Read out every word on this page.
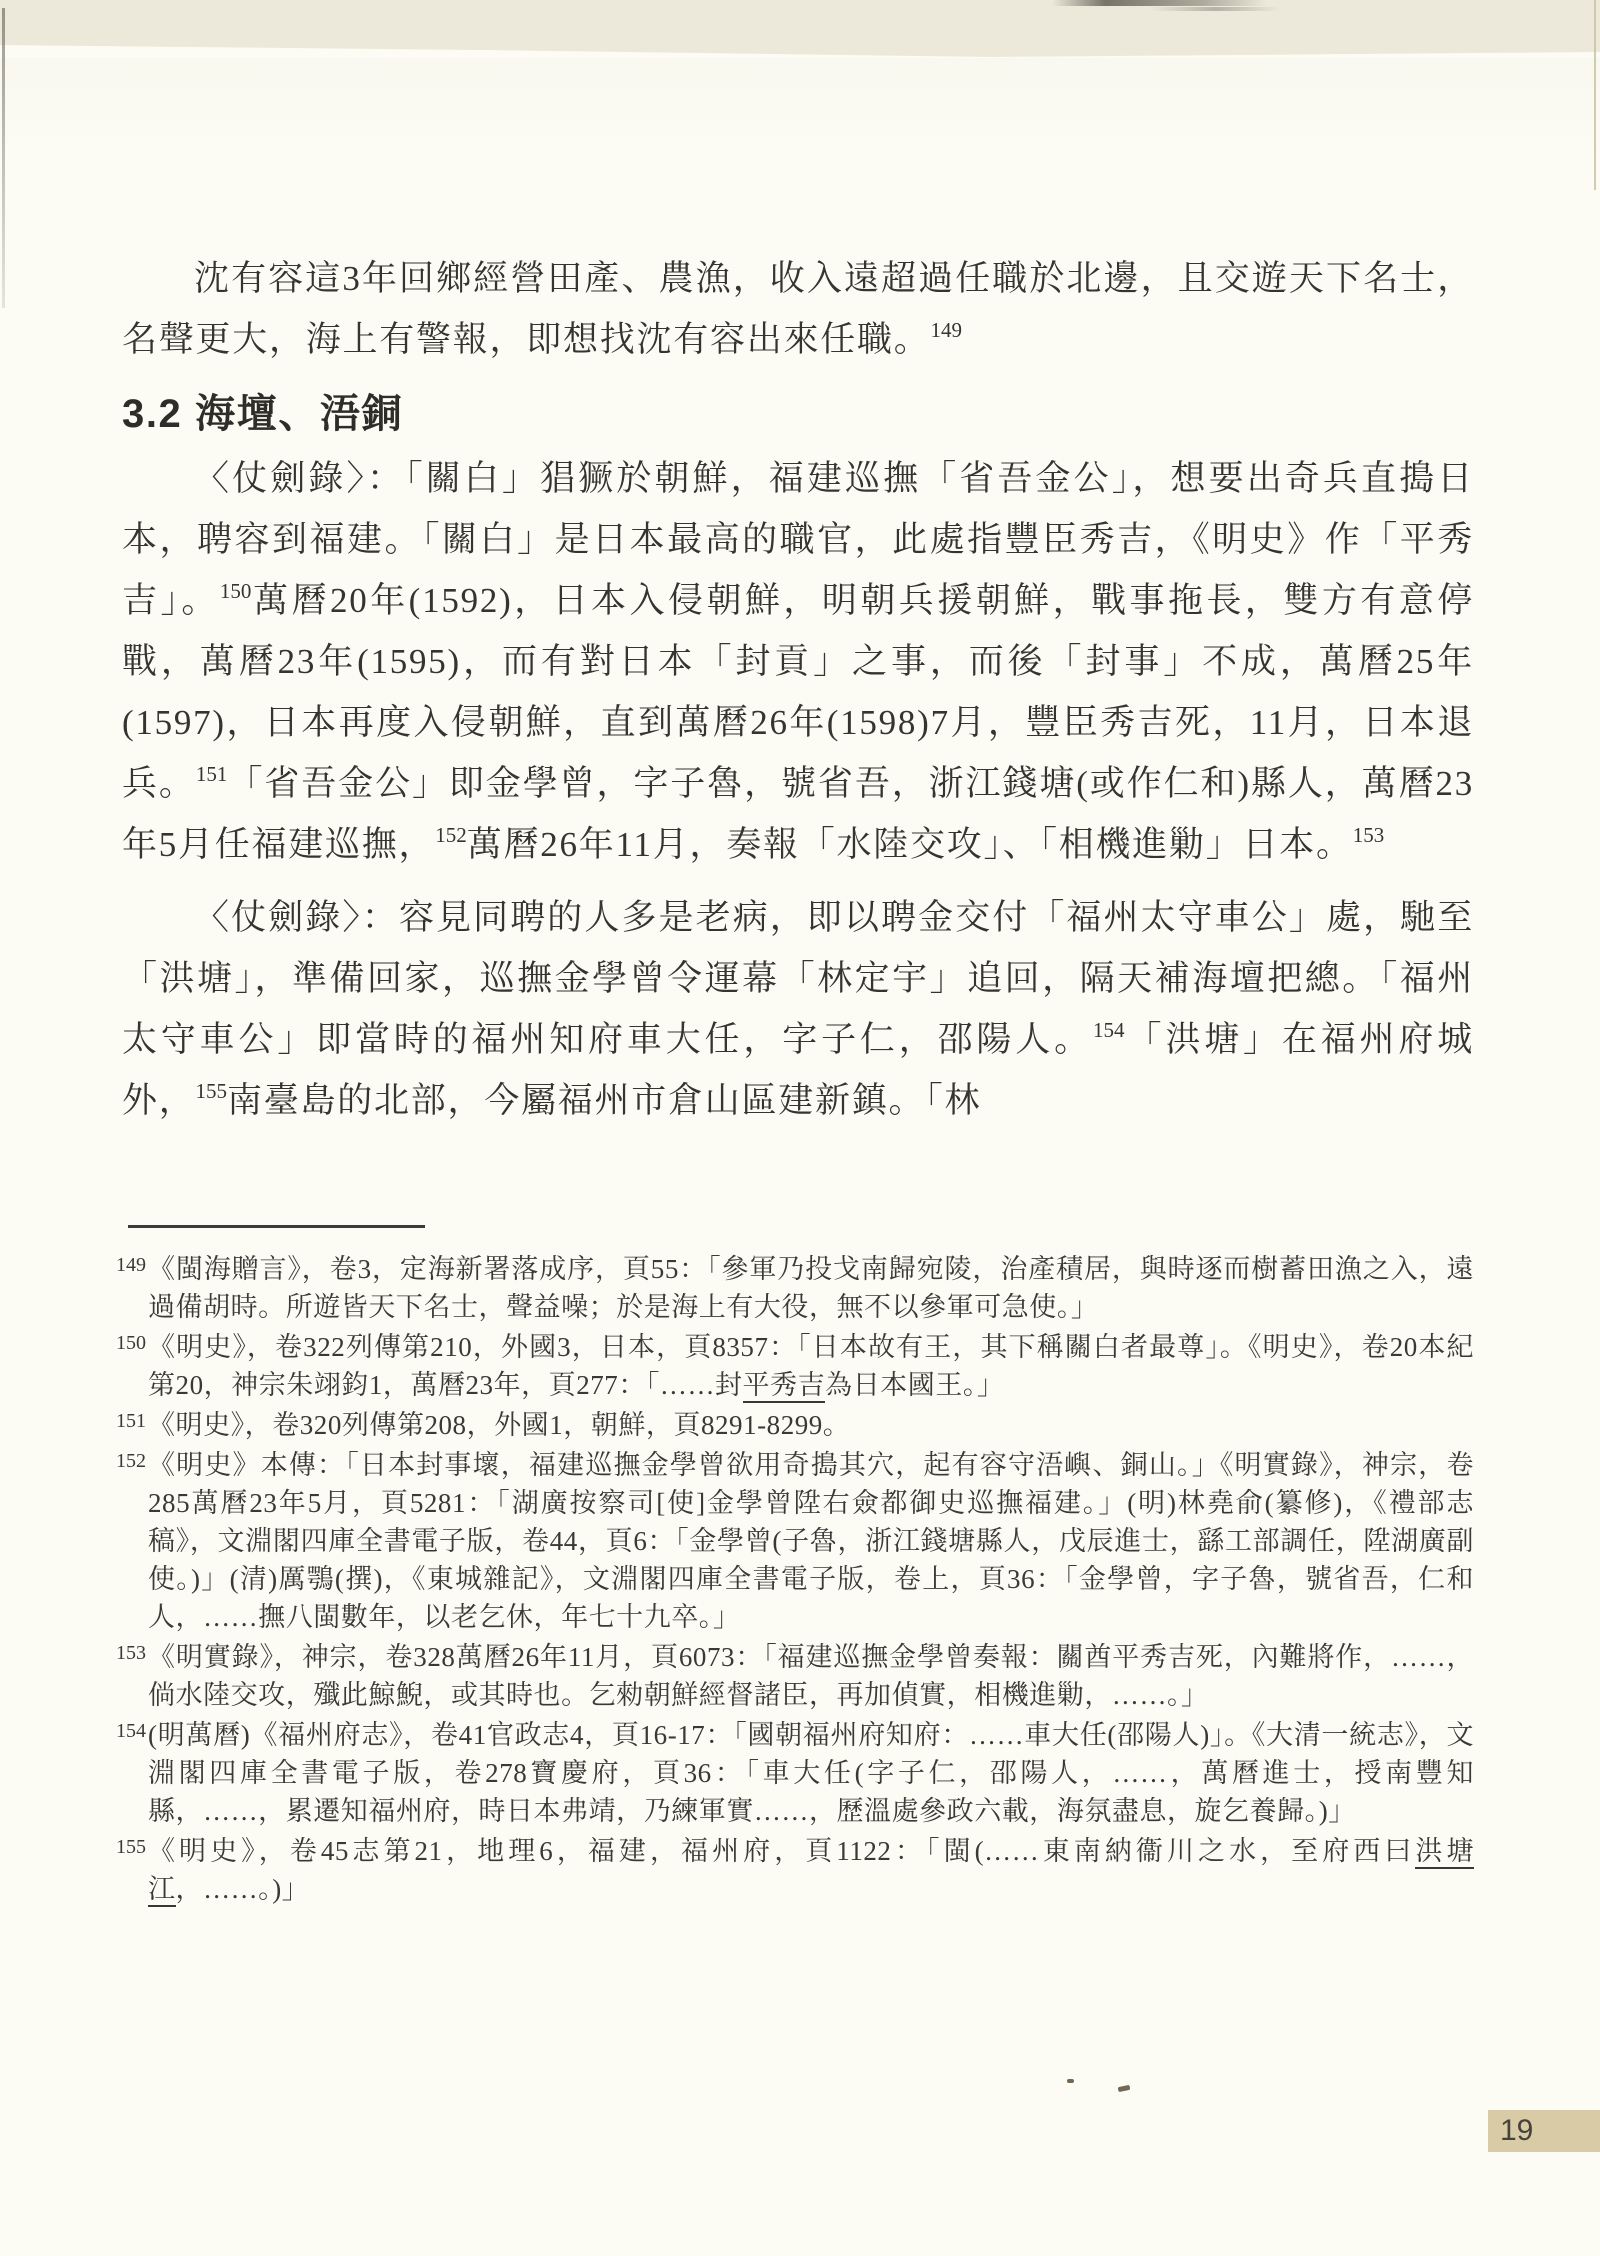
沈有容這3年回鄉經營田產、農漁，收入遠超過任職於北邊，且交遊天下名士，名聲更大，海上有警報，即想找沈有容出來任職。$^{149}$

3.2 海壇、浯銅

〈仗劍錄〉：「關白」猖獗於朝鮮，福建巡撫「省吾金公」，想要出奇兵直搗日本，聘容到福建。「關白」是日本最高的職官，此處指豐臣秀吉，《明史》作「平秀吉」。$^{150}$萬曆20年(1592)，日本入侵朝鮮，明朝兵援朝鮮，戰事拖長，雙方有意停戰，萬曆23年(1595)，而有對日本「封貢」之事，而後「封事」不成，萬曆25年(1597)，日本再度入侵朝鮮，直到萬曆26年(1598)7月，豐臣秀吉死，11月，日本退兵。$^{151}$「省吾金公」即金學曾，字子魯，號省吾，浙江錢塘(或作仁和)縣人，萬曆23年5月任福建巡撫，$^{152}$萬曆26年11月，奏報「水陸交攻」、「相機進勦」日本。$^{153}$

〈仗劍錄〉：容見同聘的人多是老病，即以聘金交付「福州太守車公」處，馳至「洪塘」，準備回家，巡撫金學曾令運幕「林定宇」追回，隔天補海壇把總。「福州太守車公」即當時的福州知府車大任，字子仁，邵陽人。$^{154}$「洪塘」在福州府城外，$^{155}$南臺島的北部，今屬福州市倉山區建新鎮。「林

149 《閩海贈言》，卷3，定海新署落成序，頁55：「參軍乃投戈南歸宛陵，治產積居，與時逐而樹蓄田漁之入，遠過備胡時。所遊皆天下名士，聲益噪；於是海上有大役，無不以參軍可急使。」
150 《明史》，卷322列傳第210，外國3，日本，頁8357：「日本故有王，其下稱關白者最尊」。《明史》，卷20本紀第20，神宗朱翊鈞1，萬曆23年，頁277：「……封平秀吉為日本國王。」
151 《明史》，卷320列傳第208，外國1，朝鮮，頁8291-8299。
152 《明史》本傳：「日本封事壞，福建巡撫金學曾欲用奇搗其穴，起有容守浯嶼、銅山。」《明實錄》，神宗，卷285萬曆23年5月，頁5281：「湖廣按察司[使]金學曾陞右僉都御史巡撫福建。」(明)林堯俞(纂修)，《禮部志稿》，文淵閣四庫全書電子版，卷44，頁6：「金學曾(子魯，浙江錢塘縣人，戊辰進士，繇工部調任，陞湖廣副使。)」(清)厲鶚(撰)，《東城雜記》，文淵閣四庫全書電子版，卷上，頁36：「金學曾，字子魯，號省吾，仁和人，……撫八閩數年，以老乞休，年七十九卒。」
153 《明實錄》，神宗，卷328萬曆26年11月，頁6073：「福建巡撫金學曾奏報：關酋平秀吉死，內難將作，……，倘水陸交攻，殲此鯨鯢，或其時也。乞勑朝鮮經督諸臣，再加偵實，相機進勦，……。」
154 (明萬曆)《福州府志》，卷41官政志4，頁16-17：「國朝福州府知府：……車大任(邵陽人)」。《大清一統志》，文淵閣四庫全書電子版，卷278寶慶府，頁36：「車大任(字子仁，邵陽人，……，萬曆進士，授南豐知縣，……，累遷知福州府，時日本弗靖，乃練軍實……，歷溫處參政六載，海氛盡息，旋乞養歸。)」
155 《明史》，卷45志第21，地理6，福建，福州府，頁1122：「閩(……東南納衞川之水，至府西曰洪塘江，……。)」
19
